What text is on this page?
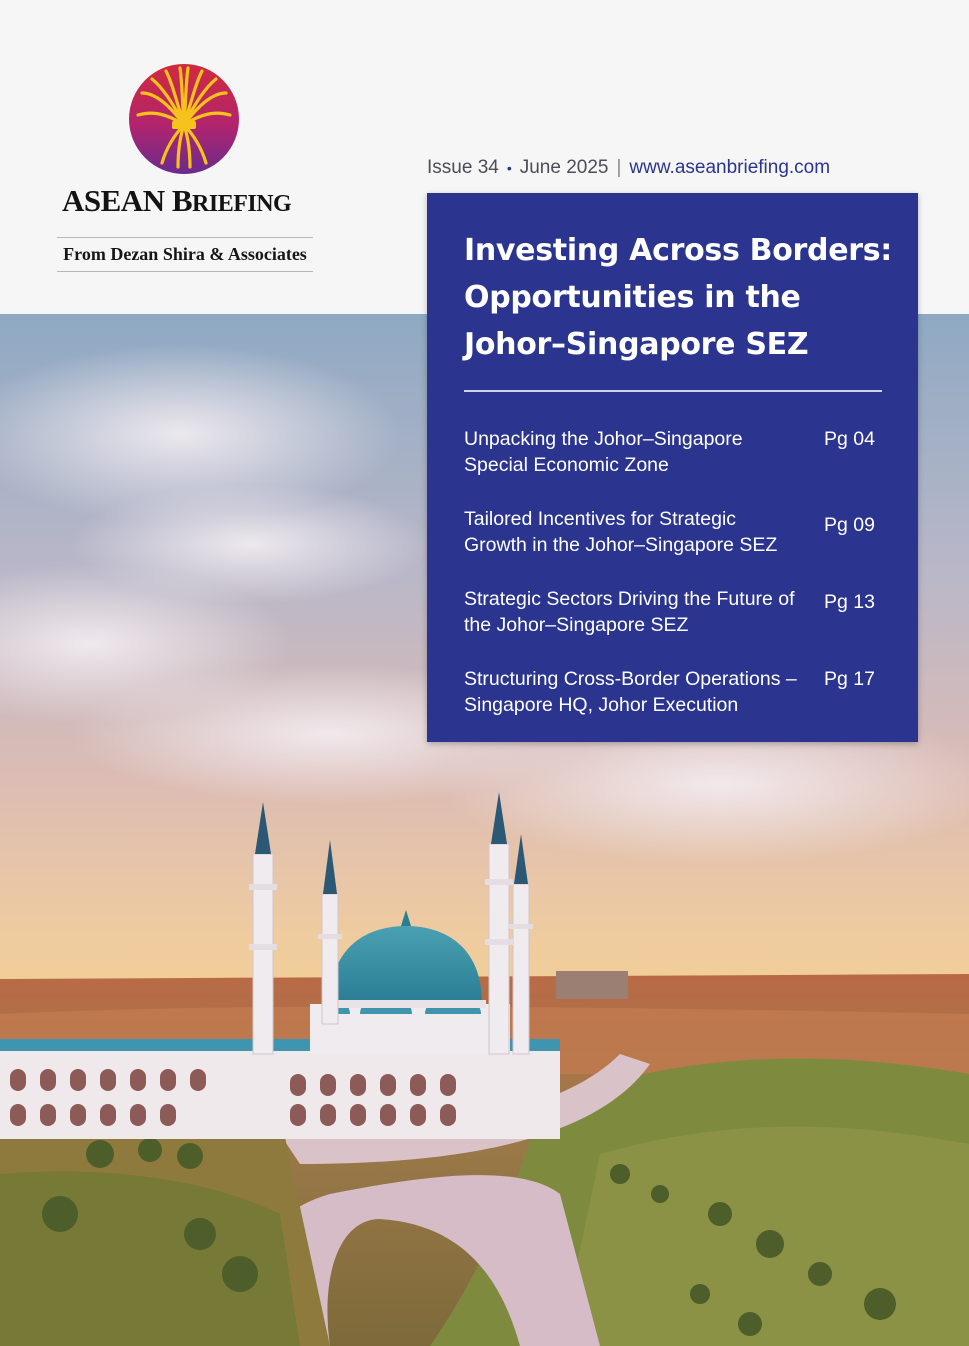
ASEAN BRIEFING
From Dezan Shira & Associates
Issue 34 • June 2025 | www.aseanbriefing.com
Investing Across Borders: Opportunities in the Johor–Singapore SEZ
Unpacking the Johor–Singapore Special Economic Zone
Pg 04
Tailored Incentives for Strategic Growth in the Johor–Singapore SEZ
Pg 09
Strategic Sectors Driving the Future of the Johor–Singapore SEZ
Pg 13
Structuring Cross-Border Operations – Singapore HQ, Johor Execution
Pg 17
